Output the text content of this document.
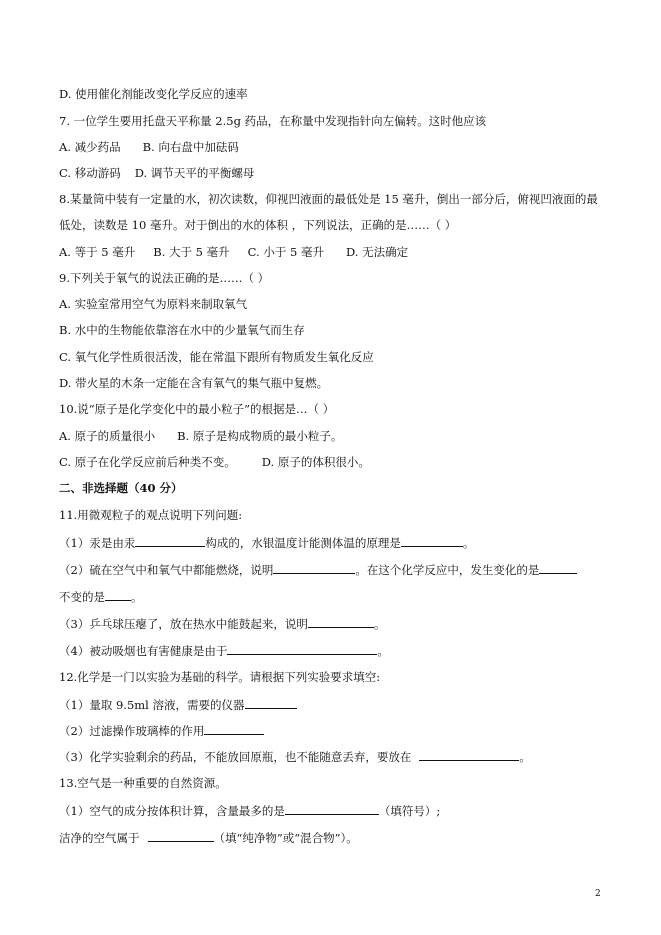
D. 使用催化剂能改变化学反应的速率
7. 一位学生要用托盘天平称量 2.5g 药品，在称量中发现指针向左偏转。这时他应该
A. 减少药品 B. 向右盘中加砝码
C. 移动游码 D. 调节天平的平衡螺母
8.某量筒中装有一定量的水，初次读数，仰视凹液面的最低处是 15 毫升，倒出一部分后，俯视凹液面的最
低处，读数是 10 毫升。对于倒出的水的体积 ，下列说法，正确的是……（ ）
A. 等于 5 毫升 B. 大于 5 毫升 C. 小于 5 毫升 D. 无法确定
9.下列关于氧气的说法正确的是……（ ）
A. 实验室常用空气为原料来制取氧气
B. 水中的生物能依靠溶在水中的少量氧气而生存
C. 氧气化学性质很活泼，能在常温下跟所有物质发生氧化反应
D. 带火星的木条一定能在含有氧气的集气瓶中复燃。
10.说“原子是化学变化中的最小粒子”的根据是…（ ）
A. 原子的质量很小 B. 原子是构成物质的最小粒子。
C. 原子在化学反应前后种类不变。 D. 原子的体积很小。
二、非选择题（40 分）
11.用微观粒子的观点说明下列问题:
（1）汞是由汞	构成的，水银温度计能测体温的原理是	。
（2）硫在空气中和氧气中都能燃烧，说明	。在这个化学反应中，发生变化的是
不变的是 。
（3）乒乓球压瘪了，放在热水中能鼓起来，说明	。
（4）被动吸烟也有害健康是由于	。
12.化学是一门以实验为基础的科学。请根据下列实验要求填空:
（1）量取 9.5ml 溶液，需要的仪器
（2）过滤操作玻璃棒的作用
（3）化学实验剩余的药品，不能放回原瓶，也不能随意丢弃，要放在	。
13.空气是一种重要的自然资源。
（1）空气的成分按体积计算，含量最多的是	（填符号）;
洁净的空气属于	（填“纯净物”或“混合物”）。
2
